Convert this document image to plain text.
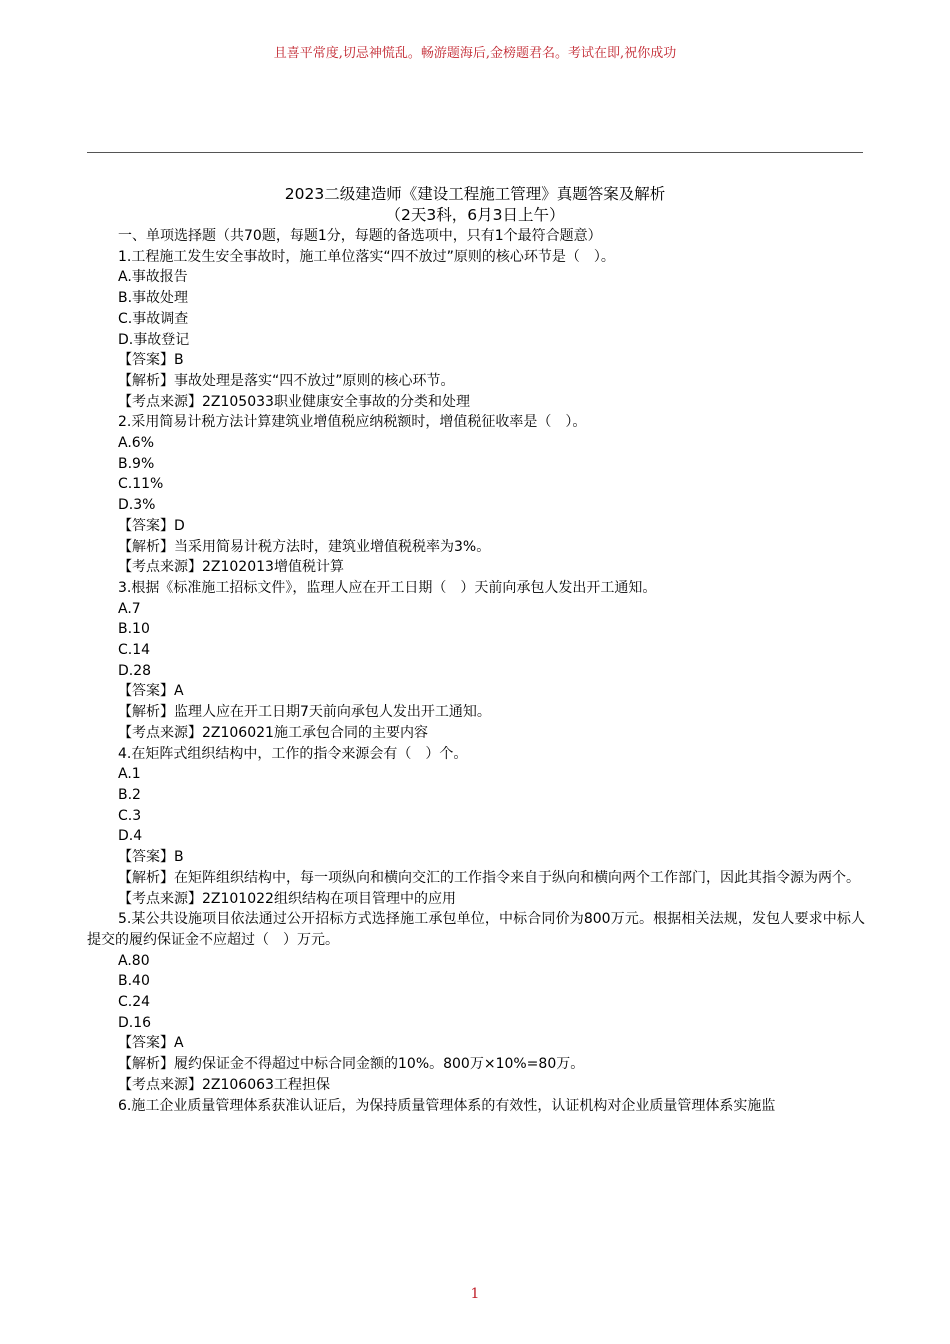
且喜平常度,切忌神慌乱。畅游题海后,金榜题君名。考试在即,祝你成功
2023二级建造师《建设工程施工管理》真题答案及解析
（2天3科，6月3日上午）

一、单项选择题（共70题，每题1分，每题的备选项中，只有1个最符合题意）

1.工程施工发生安全事故时，施工单位落实“四不放过”原则的核心环节是（　）。

A.事故报告

B.事故处理

C.事故调查

D.事故登记

【答案】B

【解析】事故处理是落实“四不放过”原则的核心环节。

【考点来源】2Z105033职业健康安全事故的分类和处理

2.采用简易计税方法计算建筑业增值税应纳税额时，增值税征收率是（　）。

A.6%

B.9%

C.11%

D.3%

【答案】D

【解析】当采用简易计税方法时，建筑业增值税税率为3%。

【考点来源】2Z102013增值税计算

3.根据《标准施工招标文件》，监理人应在开工日期（　）天前向承包人发出开工通知。

A.7

B.10

C.14

D.28

【答案】A

【解析】监理人应在开工日期7天前向承包人发出开工通知。

【考点来源】2Z106021施工承包合同的主要内容

4.在矩阵式组织结构中，工作的指令来源会有（　）个。

A.1

B.2

C.3

D.4

【答案】B

【解析】在矩阵组织结构中，每一项纵向和横向交汇的工作指令来自于纵向和横向两个工作部门，因此其指令源为两个。

【考点来源】2Z101022组织结构在项目管理中的应用

5.某公共设施项目依法通过公开招标方式选择施工承包单位，中标合同价为800万元。根据相关法规，发包人要求中标人提交的履约保证金不应超过（　）万元。

A.80

B.40

C.24

D.16

【答案】A

【解析】履约保证金不得超过中标合同金额的10%。800万×10%=80万。

【考点来源】2Z106063工程担保

6.施工企业质量管理体系获准认证后，为保持质量管理体系的有效性，认证机构对企业质量管理体系实施监

1
